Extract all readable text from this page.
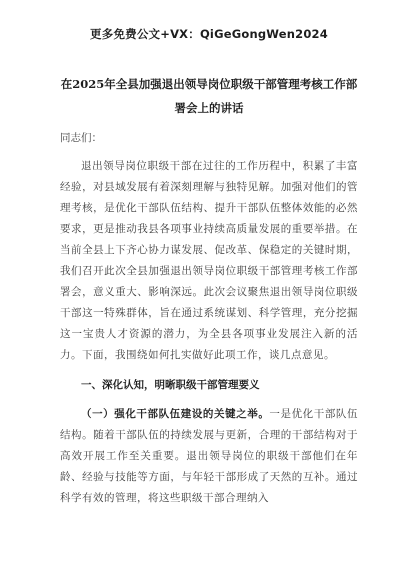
更多免费公文+VX：QiGeGongWen2024
在2025年全县加强退出领导岗位职级干部管理考核工作部署会上的讲话
同志们：

退出领导岗位职级干部在过往的工作历程中，积累了丰富经验，对县域发展有着深刻理解与独特见解。加强对他们的管理考核，是优化干部队伍结构、提升干部队伍整体效能的必然要求，更是推动我县各项事业持续高质量发展的重要举措。在当前全县上下齐心协力谋发展、促改革、保稳定的关键时期，我们召开此次全县加强退出领导岗位职级干部管理考核工作部署会，意义重大、影响深远。此次会议聚焦退出领导岗位职级干部这一特殊群体，旨在通过系统谋划、科学管理，充分挖掘这一宝贵人才资源的潜力，为全县各项事业发展注入新的活力。下面，我围绕如何扎实做好此项工作，谈几点意见。

一、深化认知，明晰职级干部管理要义

（一）强化干部队伍建设的关键之举。一是优化干部队伍结构。随着干部队伍的持续发展与更新，合理的干部结构对于高效开展工作至关重要。退出领导岗位的职级干部他们在年龄、经验与技能等方面，与年轻干部形成了天然的互补。通过科学有效的管理，将这些职级干部合理纳入
